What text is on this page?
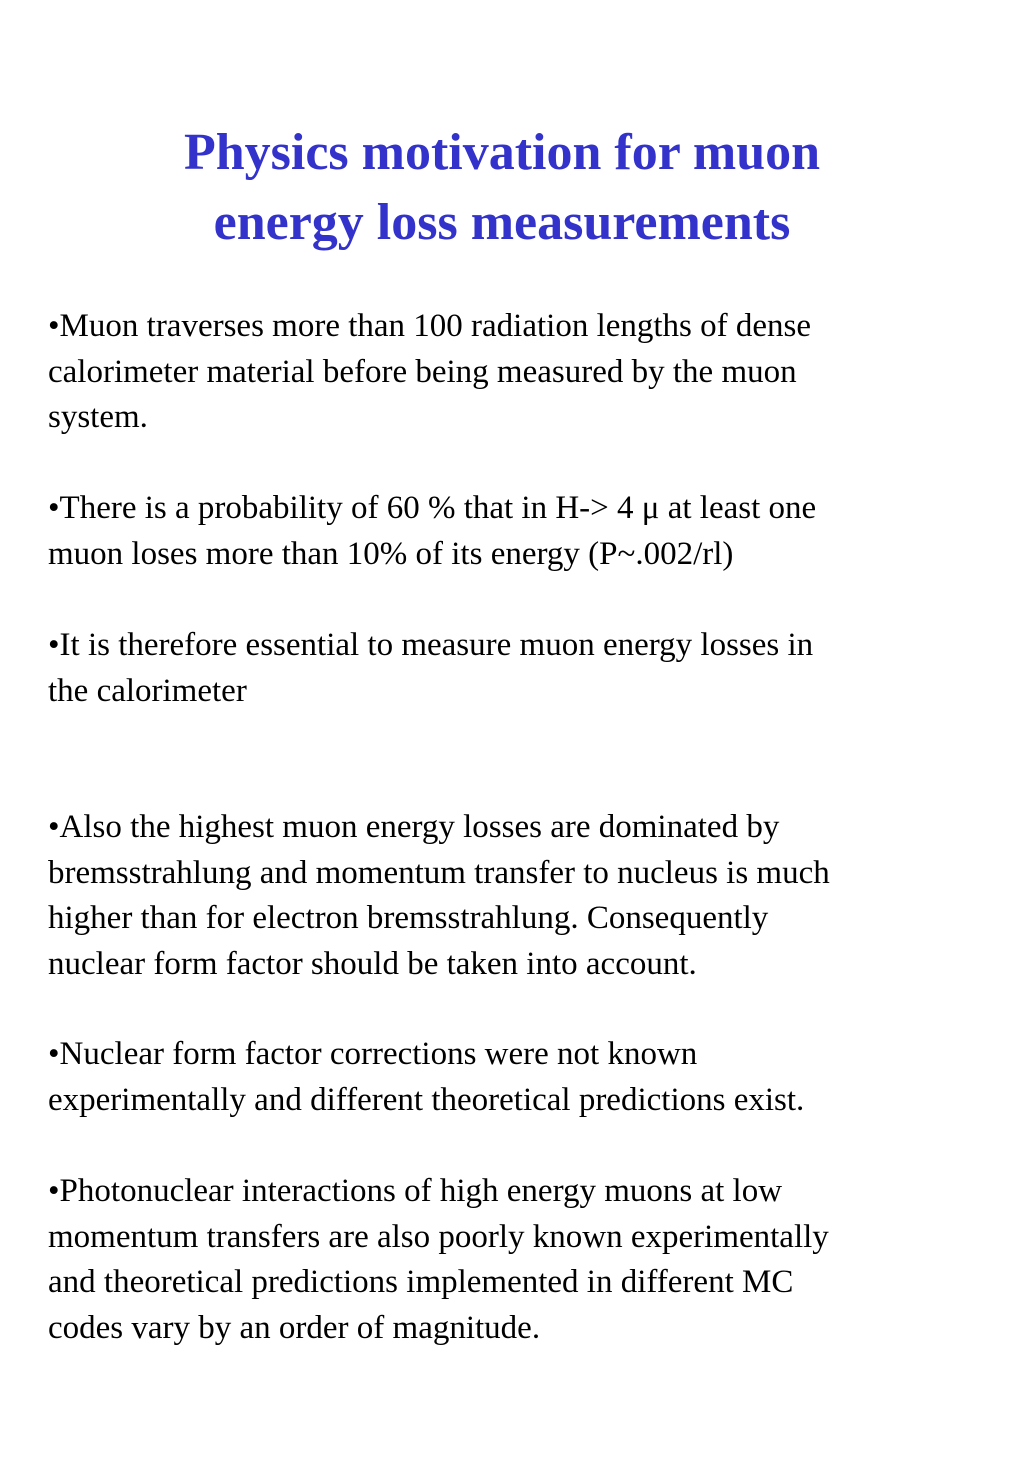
Physics motivation for muon
energy loss measurements

•Muon traverses more than 100 radiation lengths of dense
calorimeter material before being measured by the muon
system.

•There is a probability of 60 % that in H-> 4 μ at least one
muon loses more than 10% of its energy (P~.002/rl)

•It is therefore essential to measure muon energy losses in
the calorimeter

•Also the highest muon energy losses are dominated by
bremsstrahlung and momentum transfer to nucleus is much
higher than for electron bremsstrahlung. Consequently
nuclear form factor should be taken into account.

•Nuclear form factor corrections were not known
experimentally and different theoretical predictions exist.

•Photonuclear interactions of high energy muons at low
momentum transfers are also poorly known experimentally
and theoretical predictions implemented in different MC
codes vary by an order of magnitude.
